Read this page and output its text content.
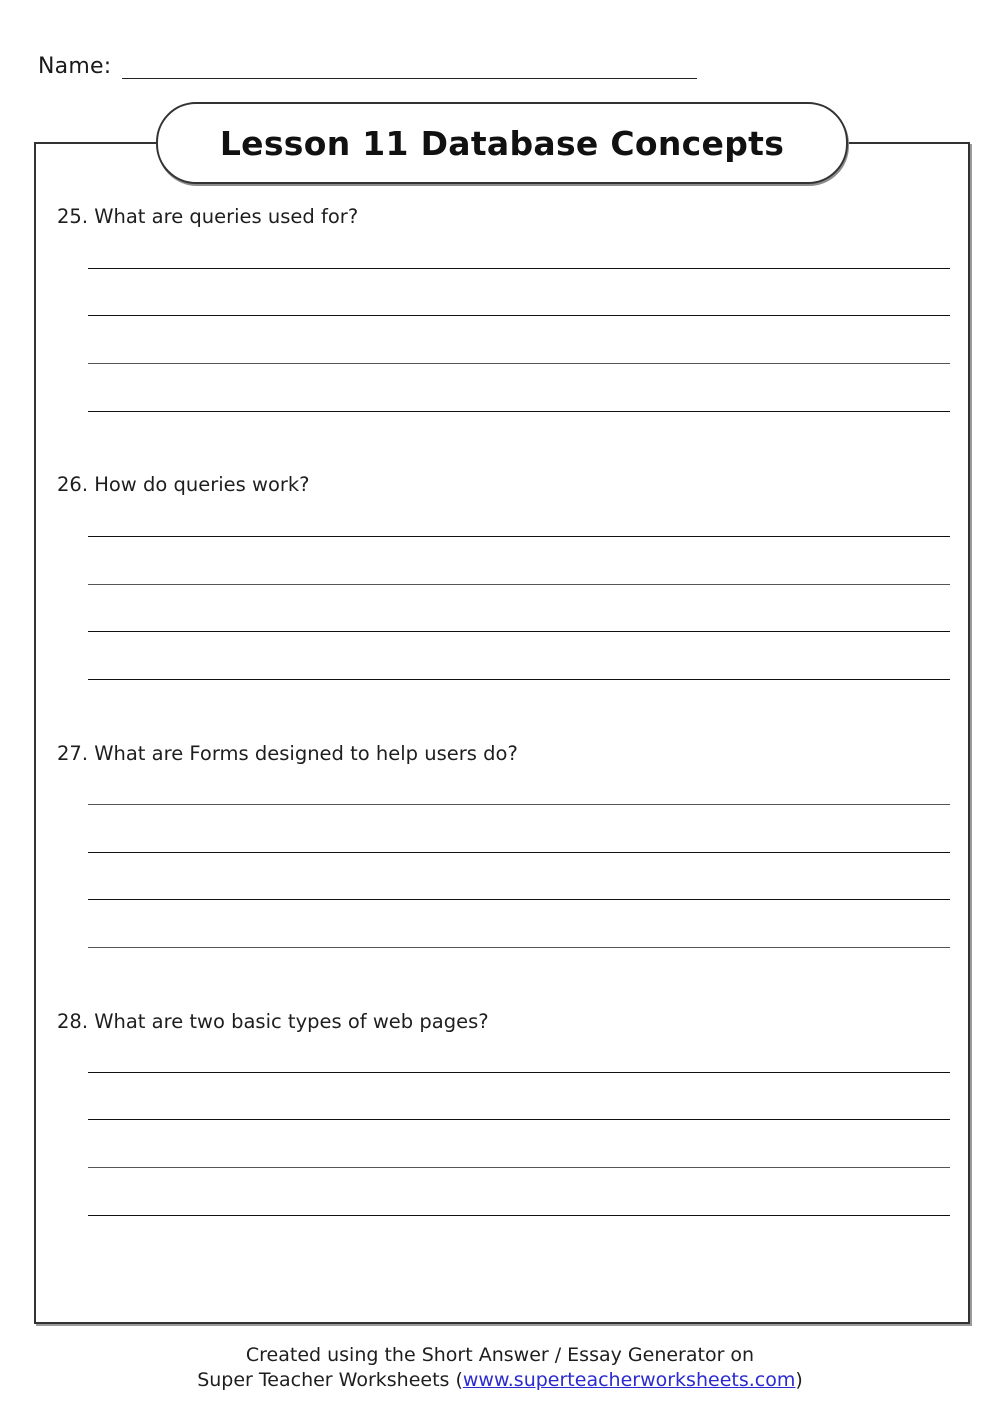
Name:
Lesson 11 Database Concepts
25. What are queries used for?
26. How do queries work?
27. What are Forms designed to help users do?
28. What are two basic types of web pages?
Created using the Short Answer / Essay Generator on
Super Teacher Worksheets (www.superteacherworksheets.com)
